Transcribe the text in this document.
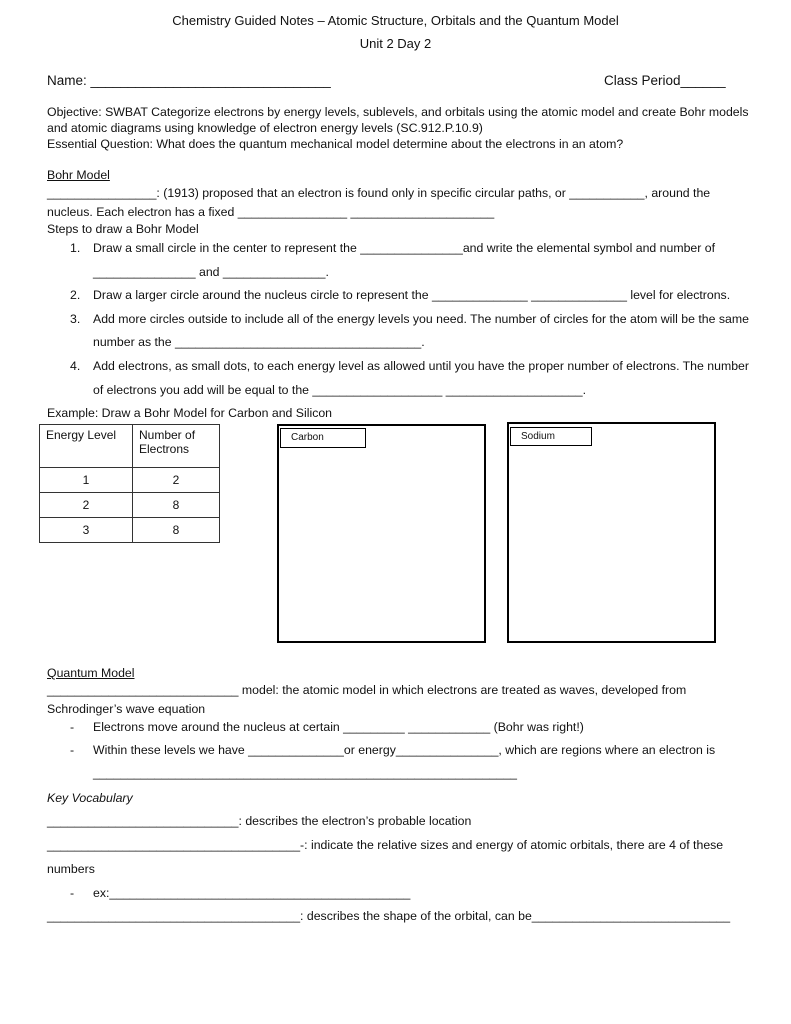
Chemistry Guided Notes – Atomic Structure, Orbitals and the Quantum Model
Unit 2 Day 2
Name: ________________________________	Class Period______
Objective: SWBAT Categorize electrons by energy levels, sublevels, and orbitals using the atomic model and create Bohr models
and atomic diagrams using knowledge of electron energy levels (SC.912.P.10.9)
Essential Question: What does the quantum mechanical model determine about the electrons in an atom?
Bohr Model
________________: (1913) proposed that an electron is found only in specific circular paths, or ___________, around the
nucleus. Each electron has a fixed ________________ _____________________
Steps to draw a Bohr Model
1. Draw a small circle in the center to represent the _______________and write the elemental symbol and number of
_______________ and _______________.
2. Draw a larger circle around the nucleus circle to represent the ______________ ______________ level for electrons.
3. Add more circles outside to include all of the energy levels you need. The number of circles for the atom will be the same
number as the ____________________________________.
4. Add electrons, as small dots, to each energy level as allowed until you have the proper number of electrons. The number
of electrons you add will be equal to the ___________________ ____________________.
Example: Draw a Bohr Model for Carbon and Silicon
Energy Level	Number of Electrons
1	2
2	8
3	8
Carbon	Sodium
Quantum Model
____________________________ model: the atomic model in which electrons are treated as waves, developed from
Schrodinger’s wave equation
- Electrons move around the nucleus at certain _________ ____________ (Bohr was right!)
- Within these levels we have ______________or energy_______________, which are regions where an electron is
______________________________________________________________
Key Vocabulary
____________________________: describes the electron’s probable location
_____________________________________-: indicate the relative sizes and energy of atomic orbitals, there are 4 of these
numbers
- ex:____________________________________________
_____________________________________: describes the shape of the orbital, can be_____________________________
